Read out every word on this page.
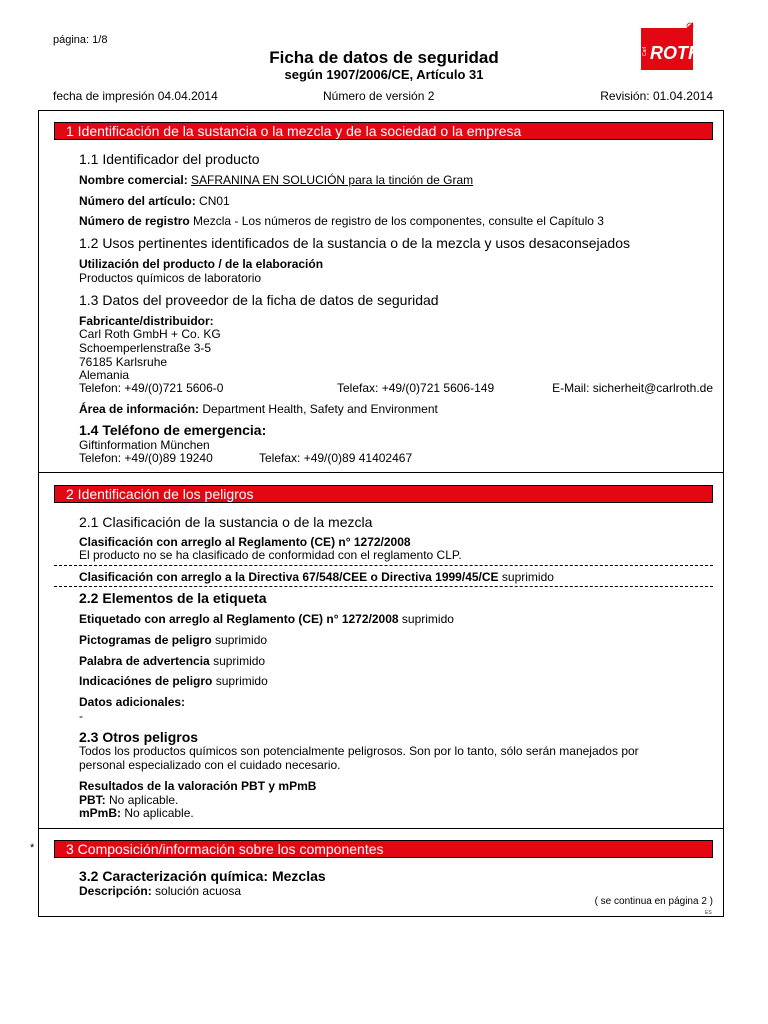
página: 1/8
Ficha de datos de seguridad
según 1907/2006/CE, Artículo 31
Carl ROTH
®
fecha de impresión 04.04.2014	Número de versión 2	Revisión: 01.04.2014
1 Identificación de la sustancia o la mezcla y de la sociedad o la empresa
1.1 Identificador del producto
Nombre comercial: SAFRANINA EN SOLUCIÓN para la tinción de Gram
Número del artículo: CN01
Número de registro Mezcla - Los números de registro de los componentes, consulte el Capítulo 3
1.2 Usos pertinentes identificados de la sustancia o de la mezcla y usos desaconsejados
Utilización del producto / de la elaboración
Productos químicos de laboratorio
1.3 Datos del proveedor de la ficha de datos de seguridad
Fabricante/distribuidor:
Carl Roth GmbH + Co. KG
Schoemperlenstraße 3-5
76185 Karlsruhe
Alemania
Telefon: +49/(0)721 5606-0	Telefax: +49/(0)721 5606-149	E-Mail: sicherheit@carlroth.de
Área de información: Department Health, Safety and Environment
1.4 Teléfono de emergencia:
Giftinformation München
Telefon: +49/(0)89 19240	Telefax: +49/(0)89 41402467
2 Identificación de los peligros
2.1 Clasificación de la sustancia o de la mezcla
Clasificación con arreglo al Reglamento (CE) n° 1272/2008
El producto no se ha clasificado de conformidad con el reglamento CLP.
Clasificación con arreglo a la Directiva 67/548/CEE o Directiva 1999/45/CE suprimido
2.2 Elementos de la etiqueta
Etiquetado con arreglo al Reglamento (CE) n° 1272/2008 suprimido
Pictogramas de peligro suprimido
Palabra de advertencia suprimido
Indicaciónes de peligro suprimido
Datos adicionales:
-
2.3 Otros peligros
Todos los productos químicos son potencialmente peligrosos. Son por lo tanto, sólo serán manejados por
personal especializado con el cuidado necesario.
Resultados de la valoración PBT y mPmB
PBT: No aplicable.
mPmB: No aplicable.
*	3 Composición/información sobre los componentes
3.2 Caracterización química: Mezclas
Descripción: solución acuosa
( se continua en página 2 )
ES
